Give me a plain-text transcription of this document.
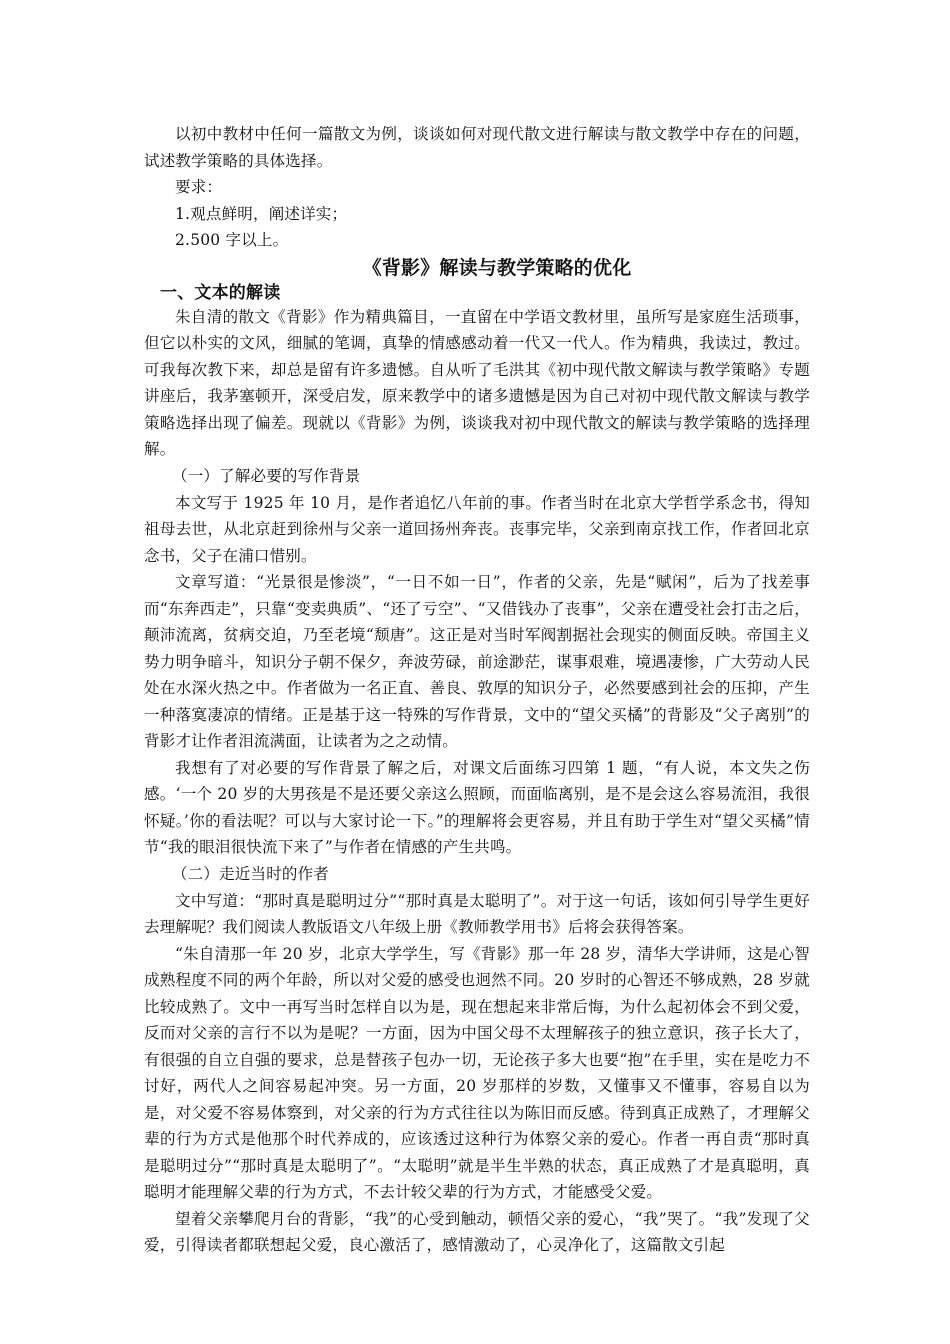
以初中教材中任何一篇散文为例，谈谈如何对现代散文进行解读与散文教学中存在的问题，试述教学策略的具体选择。

要求：

1.观点鲜明，阐述详实；

2.500 字以上。

《背影》解读与教学策略的优化
一、文本的解读

朱自清的散文《背影》作为精典篇目，一直留在中学语文教材里，虽所写是家庭生活琐事，但它以朴实的文风，细腻的笔调，真挚的情感感动着一代又一代人。作为精典，我读过，教过。可我每次教下来，却总是留有许多遗憾。自从听了毛洪其《初中现代散文解读与教学策略》专题讲座后，我茅塞顿开，深受启发，原来教学中的诸多遗憾是因为自己对初中现代散文解读与教学策略选择出现了偏差。现就以《背影》为例，谈谈我对初中现代散文的解读与教学策略的选择理解。

（一）了解必要的写作背景

本文写于 1925 年 10 月，是作者追忆八年前的事。作者当时在北京大学哲学系念书，得知祖母去世，从北京赶到徐州与父亲一道回扬州奔丧。丧事完毕，父亲到南京找工作，作者回北京念书，父子在浦口惜别。

文章写道：“光景很是惨淡”，“一日不如一日”，作者的父亲，先是“赋闲”，后为了找差事而“东奔西走”，只靠“变卖典质”、“还了亏空”、“又借钱办了丧事”，父亲在遭受社会打击之后，颠沛流离，贫病交迫，乃至老境“颓唐”。这正是对当时军阀割据社会现实的侧面反映。帝国主义势力明争暗斗，知识分子朝不保夕，奔波劳碌，前途渺茫，谋事艰难，境遇凄惨，广大劳动人民处在水深火热之中。作者做为一名正直、善良、敦厚的知识分子，必然要感到社会的压抑，产生一种落寞凄凉的情绪。正是基于这一特殊的写作背景，文中的“望父买橘”的背影及“父子离别”的背影才让作者泪流满面，让读者为之之动情。

我想有了对必要的写作背景了解之后，对课文后面练习四第 1 题，“有人说，本文失之伤感。‘一个 20 岁的大男孩是不是还要父亲这么照顾，而面临离别，是不是会这么容易流泪，我很怀疑。’你的看法呢？可以与大家讨论一下。”的理解将会更容易，并且有助于学生对“望父买橘”情节“我的眼泪很快流下来了”与作者在情感的产生共鸣。

（二）走近当时的作者

文中写道：“那时真是聪明过分”“那时真是太聪明了”。对于这一句话，该如何引导学生更好去理解呢？我们阅读人教版语文八年级上册《教师教学用书》后将会获得答案。

“朱自清那一年 20 岁，北京大学学生，写《背影》那一年 28 岁，清华大学讲师，这是心智成熟程度不同的两个年龄，所以对父爱的感受也迥然不同。20 岁时的心智还不够成熟，28 岁就比较成熟了。文中一再写当时怎样自以为是，现在想起来非常后悔，为什么起初体会不到父爱，反而对父亲的言行不以为是呢？一方面，因为中国父母不太理解孩子的独立意识，孩子长大了，有很强的自立自强的要求，总是替孩子包办一切，无论孩子多大也要“抱”在手里，实在是吃力不讨好，两代人之间容易起冲突。另一方面，20 岁那样的岁数，又懂事又不懂事，容易自以为是，对父爱不容易体察到，对父亲的行为方式往往以为陈旧而反感。待到真正成熟了，才理解父辈的行为方式是他那个时代养成的，应该透过这种行为体察父亲的爱心。作者一再自责“那时真是聪明过分”“那时真是太聪明了”。“太聪明”就是半生半熟的状态，真正成熟了才是真聪明，真聪明才能理解父辈的行为方式，不去计较父辈的行为方式，才能感受父爱。

望着父亲攀爬月台的背影，“我”的心受到触动，顿悟父亲的爱心，“我”哭了。“我”发现了父爱，引得读者都联想起父爱，良心激活了，感情激动了，心灵净化了，这篇散文引起
